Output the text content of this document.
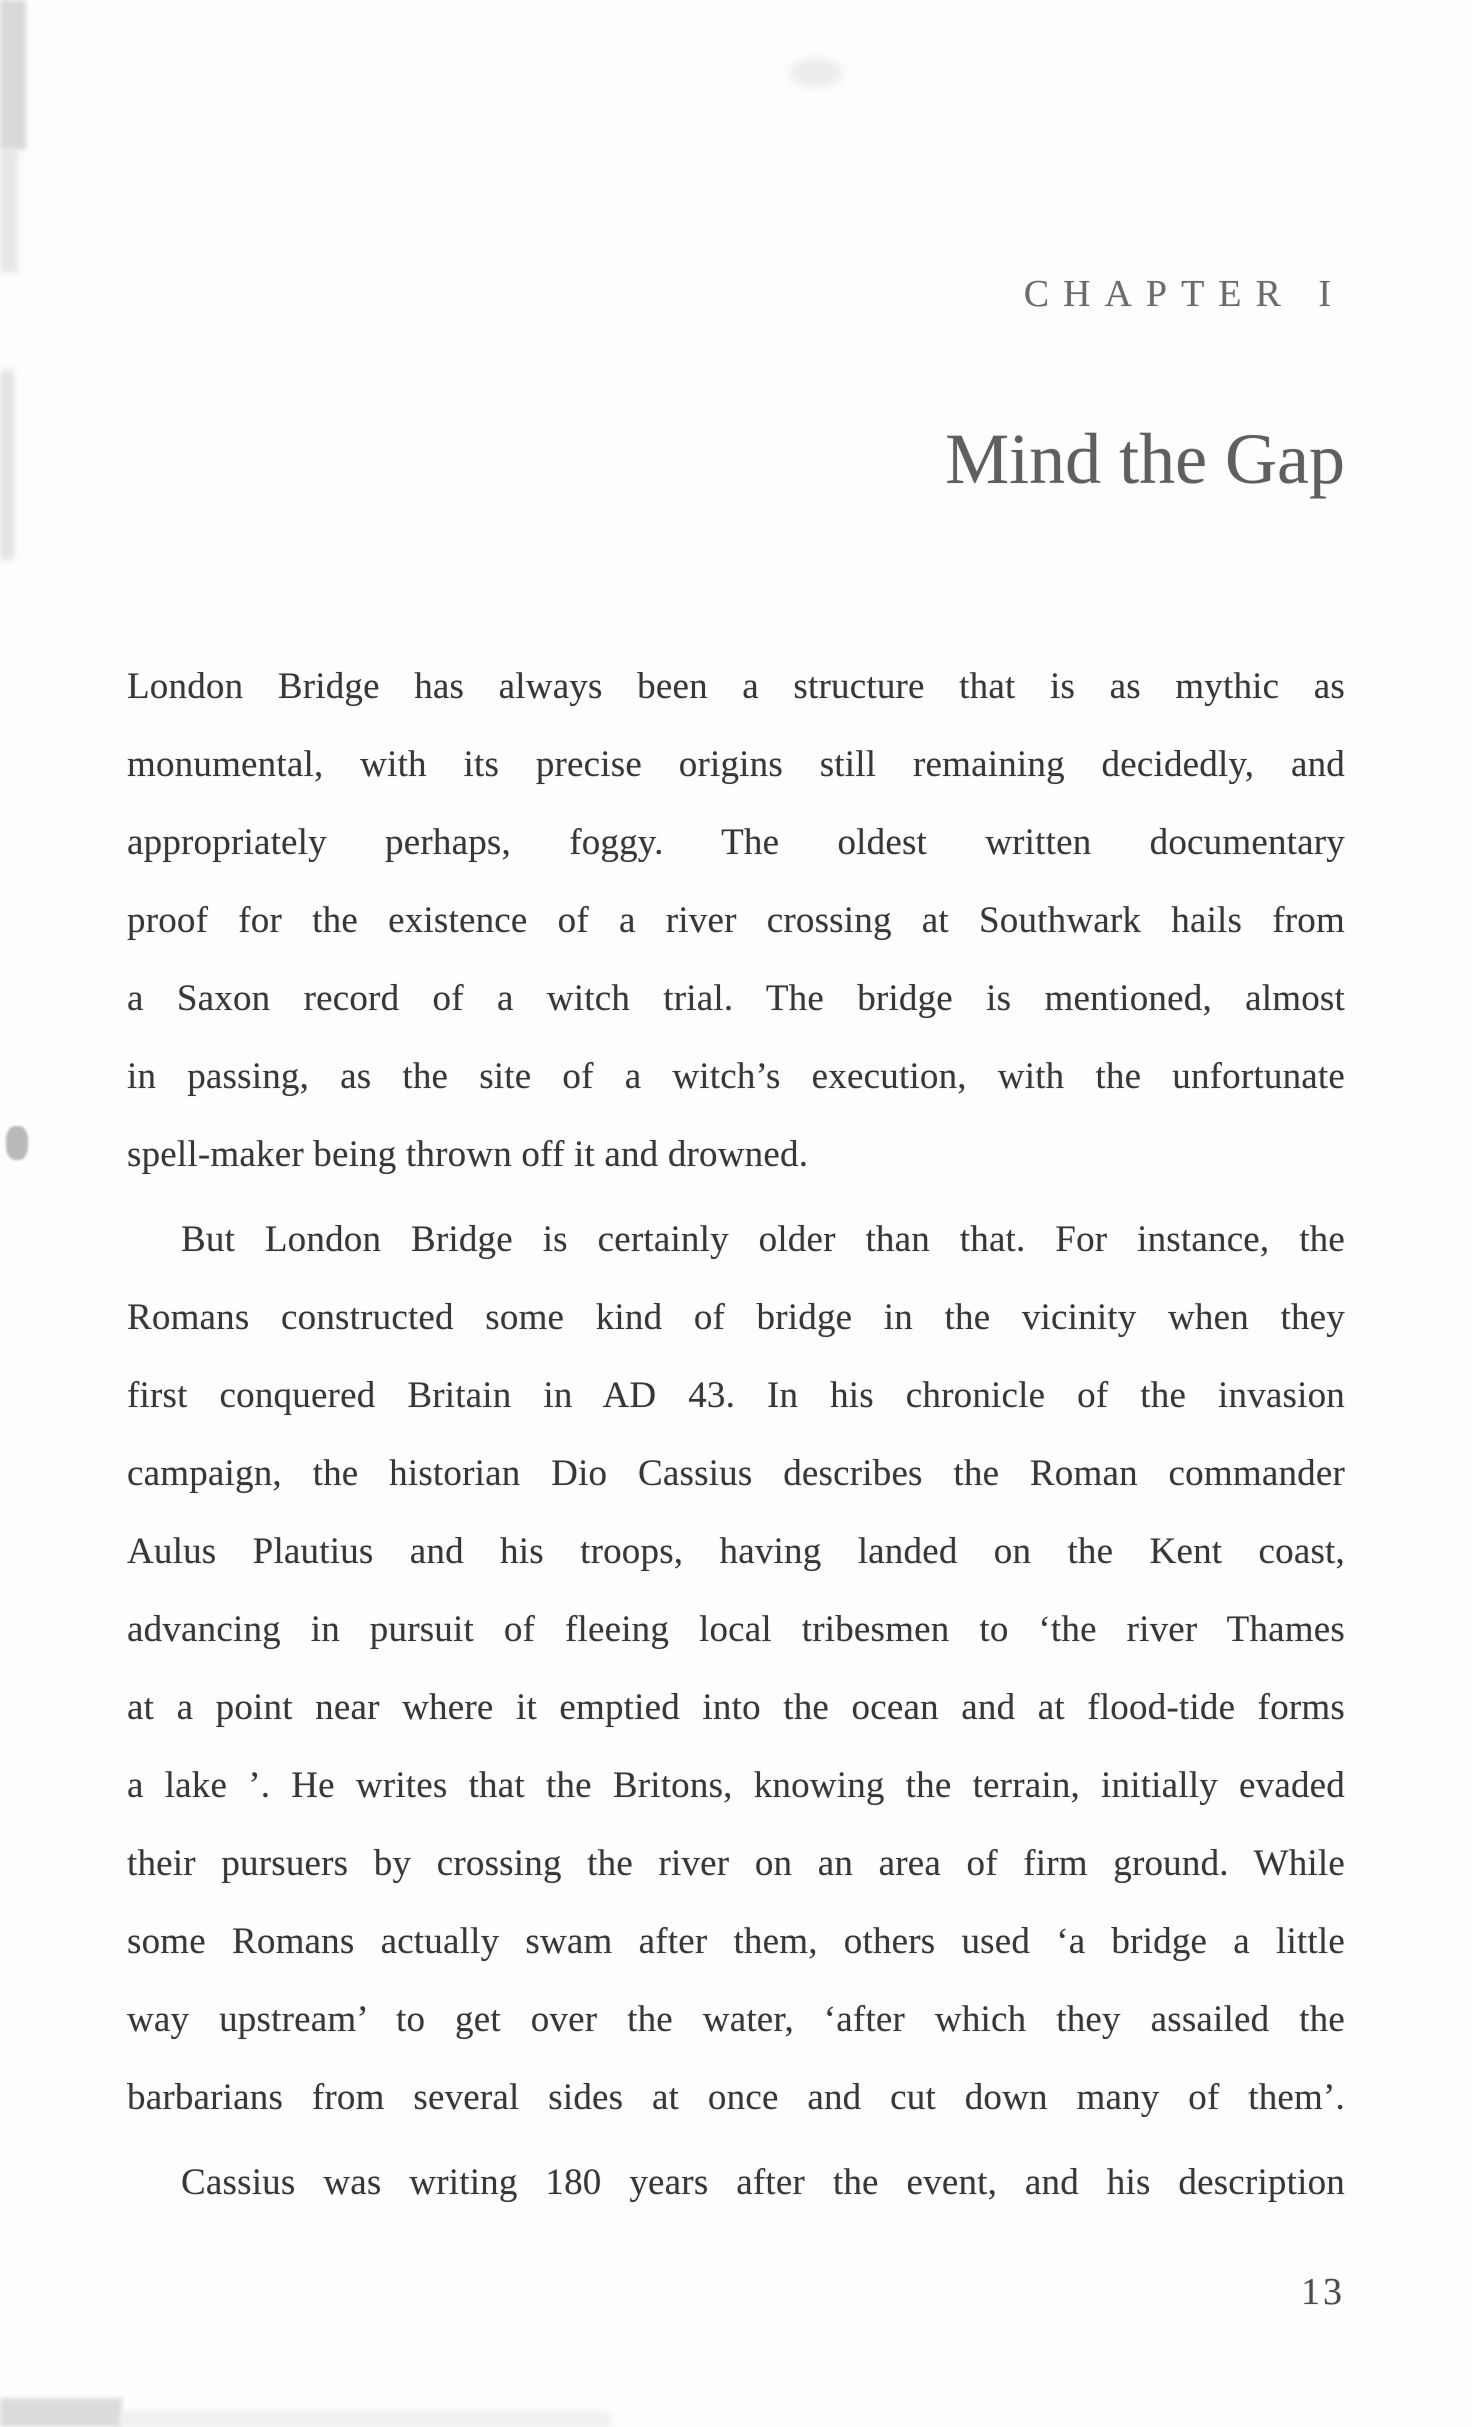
CHAPTER I
Mind the Gap
London Bridge has always been a structure that is as mythic as
monumental, with its precise origins still remaining decidedly, and
appropriately perhaps, foggy. The oldest written documentary
proof for the existence of a river crossing at Southwark hails from
a Saxon record of a witch trial. The bridge is mentioned, almost
in passing, as the site of a witch’s execution, with the unfortunate
spell-maker being thrown off it and drowned.
But London Bridge is certainly older than that. For instance, the
Romans constructed some kind of bridge in the vicinity when they
first conquered Britain in AD 43. In his chronicle of the invasion
campaign, the historian Dio Cassius describes the Roman commander
Aulus Plautius and his troops, having landed on the Kent coast,
advancing in pursuit of fleeing local tribesmen to ‘the river Thames
at a point near where it emptied into the ocean and at flood-tide forms
a lake ’. He writes that the Britons, knowing the terrain, initially evaded
their pursuers by crossing the river on an area of firm ground. While
some Romans actually swam after them, others used ‘a bridge a little
way upstream’ to get over the water, ‘after which they assailed the
barbarians from several sides at once and cut down many of them’.
Cassius was writing 180 years after the event, and his description
13
